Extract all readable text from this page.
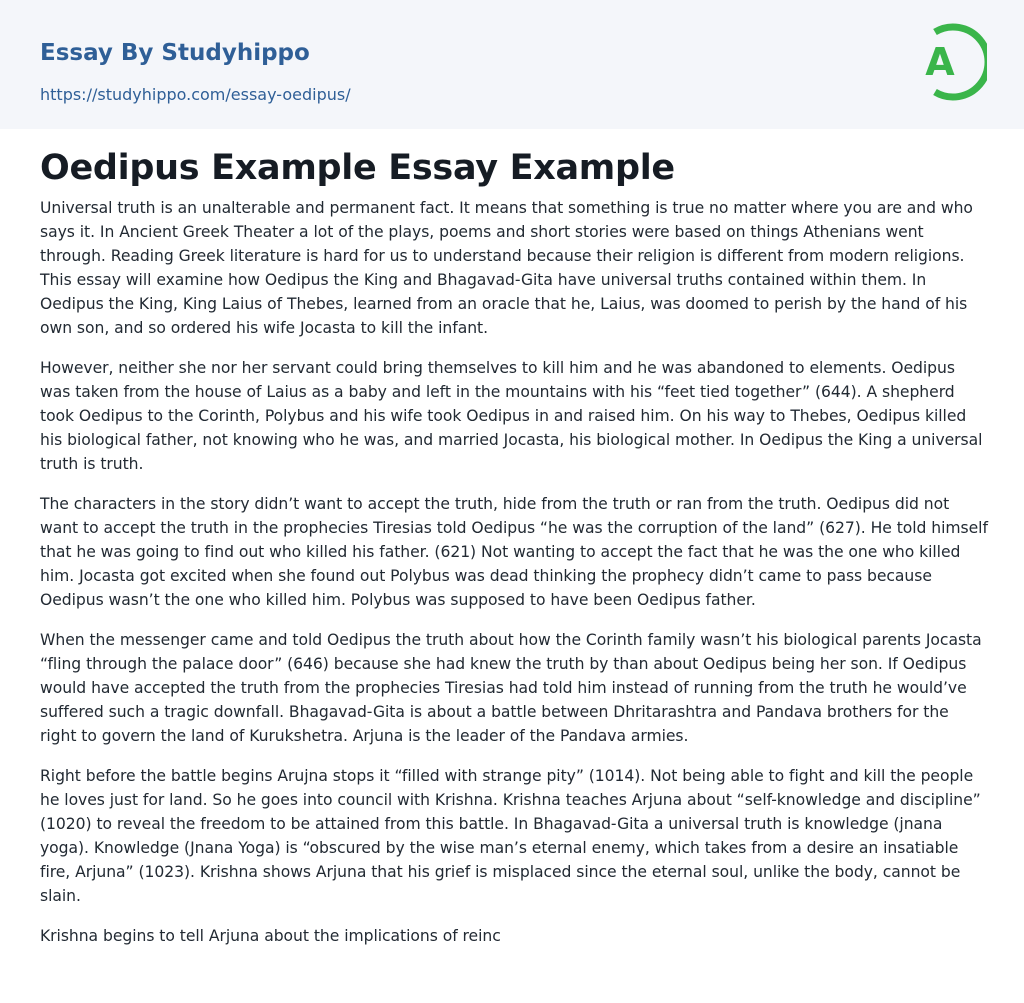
Essay By Studyhippo
https://studyhippo.com/essay-oedipus/
A
Oedipus Example Essay Example

Universal truth is an unalterable and permanent fact. It means that something is true no matter where you are and who says it. In Ancient Greek Theater a lot of the plays, poems and short stories were based on things Athenians went through. Reading Greek literature is hard for us to understand because their religion is different from modern religions. This essay will examine how Oedipus the King and Bhagavad-Gita have universal truths contained within them. In Oedipus the King, King Laius of Thebes, learned from an oracle that he, Laius, was doomed to perish by the hand of his own son, and so ordered his wife Jocasta to kill the infant.

However, neither she nor her servant could bring themselves to kill him and he was abandoned to elements. Oedipus was taken from the house of Laius as a baby and left in the mountains with his “feet tied together” (644). A shepherd took Oedipus to the Corinth, Polybus and his wife took Oedipus in and raised him. On his way to Thebes, Oedipus killed his biological father, not knowing who he was, and married Jocasta, his biological mother. In Oedipus the King a universal truth is truth.

The characters in the story didn’t want to accept the truth, hide from the truth or ran from the truth. Oedipus did not want to accept the truth in the prophecies Tiresias told Oedipus “he was the corruption of the land” (627). He told himself that he was going to find out who killed his father. (621) Not wanting to accept the fact that he was the one who killed him. Jocasta got excited when she found out Polybus was dead thinking the prophecy didn’t came to pass because Oedipus wasn’t the one who killed him. Polybus was supposed to have been Oedipus father.

When the messenger came and told Oedipus the truth about how the Corinth family wasn’t his biological parents Jocasta “fling through the palace door” (646) because she had knew the truth by than about Oedipus being her son. If Oedipus would have accepted the truth from the prophecies Tiresias had told him instead of running from the truth he would’ve suffered such a tragic downfall. Bhagavad-Gita is about a battle between Dhritarashtra and Pandava brothers for the right to govern the land of Kurukshetra. Arjuna is the leader of the Pandava armies.

Right before the battle begins Arujna stops it “filled with strange pity” (1014). Not being able to fight and kill the people he loves just for land. So he goes into council with Krishna. Krishna teaches Arjuna about “self-knowledge and discipline” (1020) to reveal the freedom to be attained from this battle. In Bhagavad-Gita a universal truth is knowledge (jnana yoga). Knowledge (Jnana Yoga) is “obscured by the wise man’s eternal enemy, which takes from a desire an insatiable fire, Arjuna” (1023). Krishna shows Arjuna that his grief is misplaced since the eternal soul, unlike the body, cannot be slain.

Krishna begins to tell Arjuna about the implications of reinc
